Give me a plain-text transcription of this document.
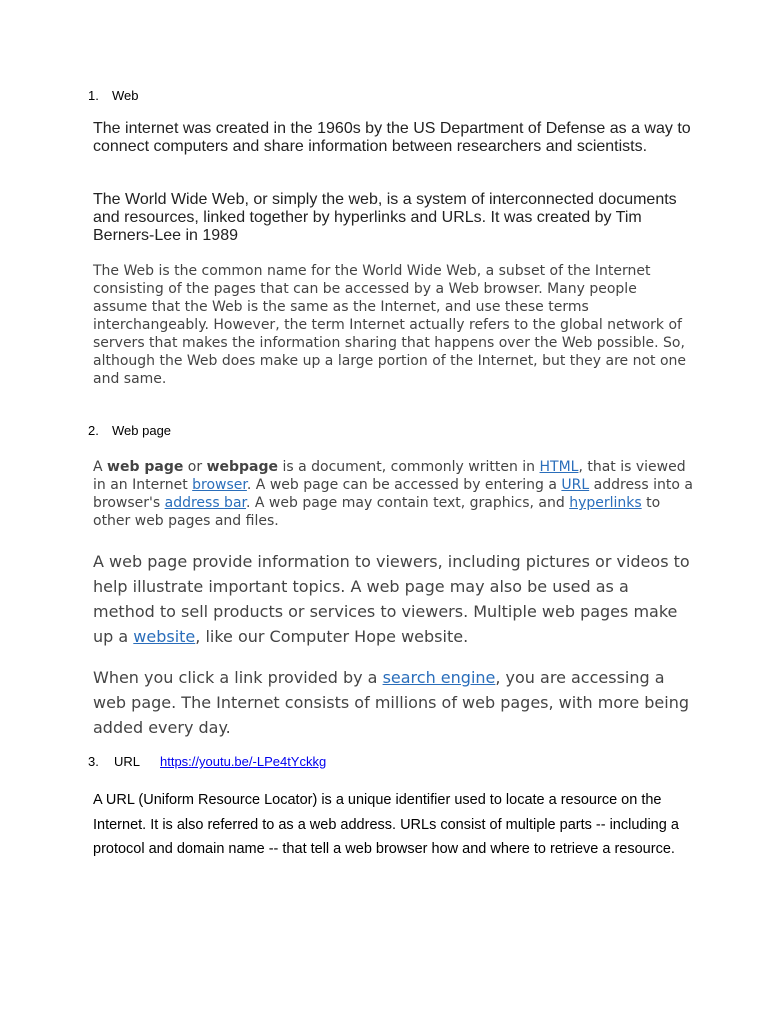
1. Web

The internet was created in the 1960s by the US Department of Defense as a way to connect computers and share information between researchers and scientists.

The World Wide Web, or simply the web, is a system of interconnected documents and resources, linked together by hyperlinks and URLs. It was created by Tim Berners-Lee in 1989

The Web is the common name for the World Wide Web, a subset of the Internet consisting of the pages that can be accessed by a Web browser. Many people assume that the Web is the same as the Internet, and use these terms interchangeably. However, the term Internet actually refers to the global network of servers that makes the information sharing that happens over the Web possible. So, although the Web does make up a large portion of the Internet, but they are not one and same.

2. Web page

A web page or webpage is a document, commonly written in HTML, that is viewed in an Internet browser. A web page can be accessed by entering a URL address into a browser's address bar. A web page may contain text, graphics, and hyperlinks to other web pages and files.

A web page provide information to viewers, including pictures or videos to help illustrate important topics. A web page may also be used as a method to sell products or services to viewers. Multiple web pages make up a website, like our Computer Hope website.

When you click a link provided by a search engine, you are accessing a web page. The Internet consists of millions of web pages, with more being added every day.

3. URL https://youtu.be/-LPe4tYckkg

A URL (Uniform Resource Locator) is a unique identifier used to locate a resource on the Internet. It is also referred to as a web address. URLs consist of multiple parts -- including a protocol and domain name -- that tell a web browser how and where to retrieve a resource.
